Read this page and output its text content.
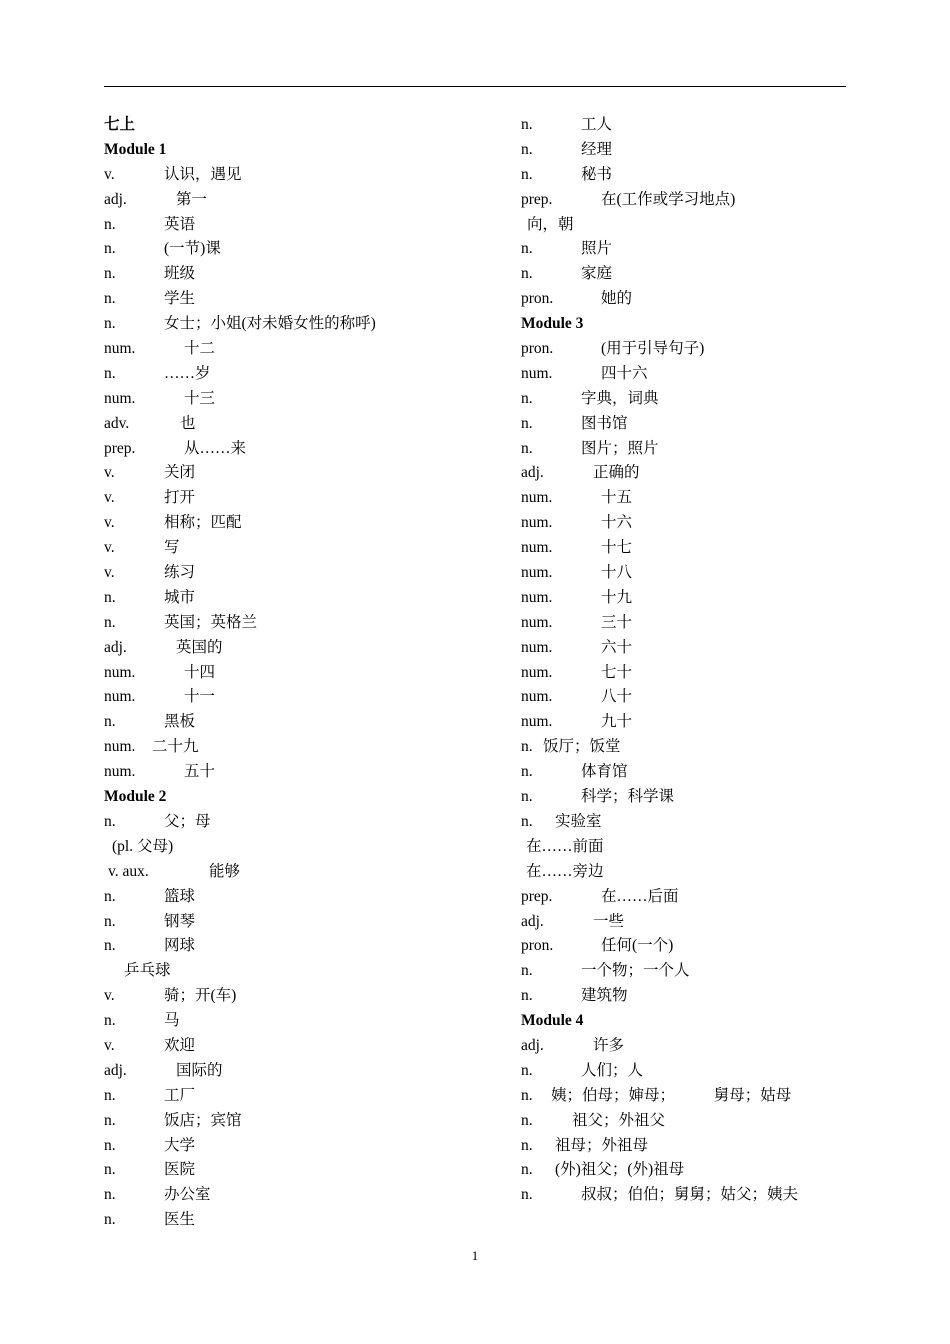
七上
Module 1
v.	认识，遇见
adj.	第一
n.	英语
n.	(一节)课
n.	班级
n.	学生
n.	女士；小姐(对未婚女性的称呼)
num.	十二
n.	……岁
num.	十三
adv.	也
prep.	从……来
v.	关闭
v.	打开
v.	相称；匹配
v.	写
v.	练习
n.	城市
n.	英国；英格兰
adj.	英国的
num.	十四
num.	十一
n.	黑板
num. 二十九
num.	五十
Module 2
n.	父；母
(pl. 父母)
v. aux.	能够
n.	篮球
n.	钢琴
n.	网球
乒乓球
v.	骑；开(车)
n.	马
v.	欢迎
adj.	国际的
n.	工厂
n.	饭店；宾馆
n.	大学
n.	医院
n.	办公室
n.	医生
n.	工人
n.	经理
n.	秘书
prep.	在(工作或学习地点)
向，朝
n.	照片
n.	家庭
pron.	她的
Module 3
pron.	(用于引导句子)
num.	四十六
n.	字典，词典
n.	图书馆
n.	图片；照片
adj.	正确的
num.	十五
num.	十六
num.	十七
num.	十八
num.	十九
num.	三十
num.	六十
num.	七十
num.	八十
num.	九十
n. 饭厅；饭堂
n.	体育馆
n.	科学；科学课
n. 实验室
在……前面
在……旁边
prep.	在……后面
adj.	一些
pron.	任何(一个)
n.	一个物；一个人
n.	建筑物
Module 4
adj.	许多
n.	人们；人
n. 姨；伯母；婶母；　　　舅母；姑母
n.	祖父；外祖父
n. 祖母；外祖母
n. (外)祖父；(外)祖母
n.	叔叔；伯伯；舅舅；姑父；姨夫
1
